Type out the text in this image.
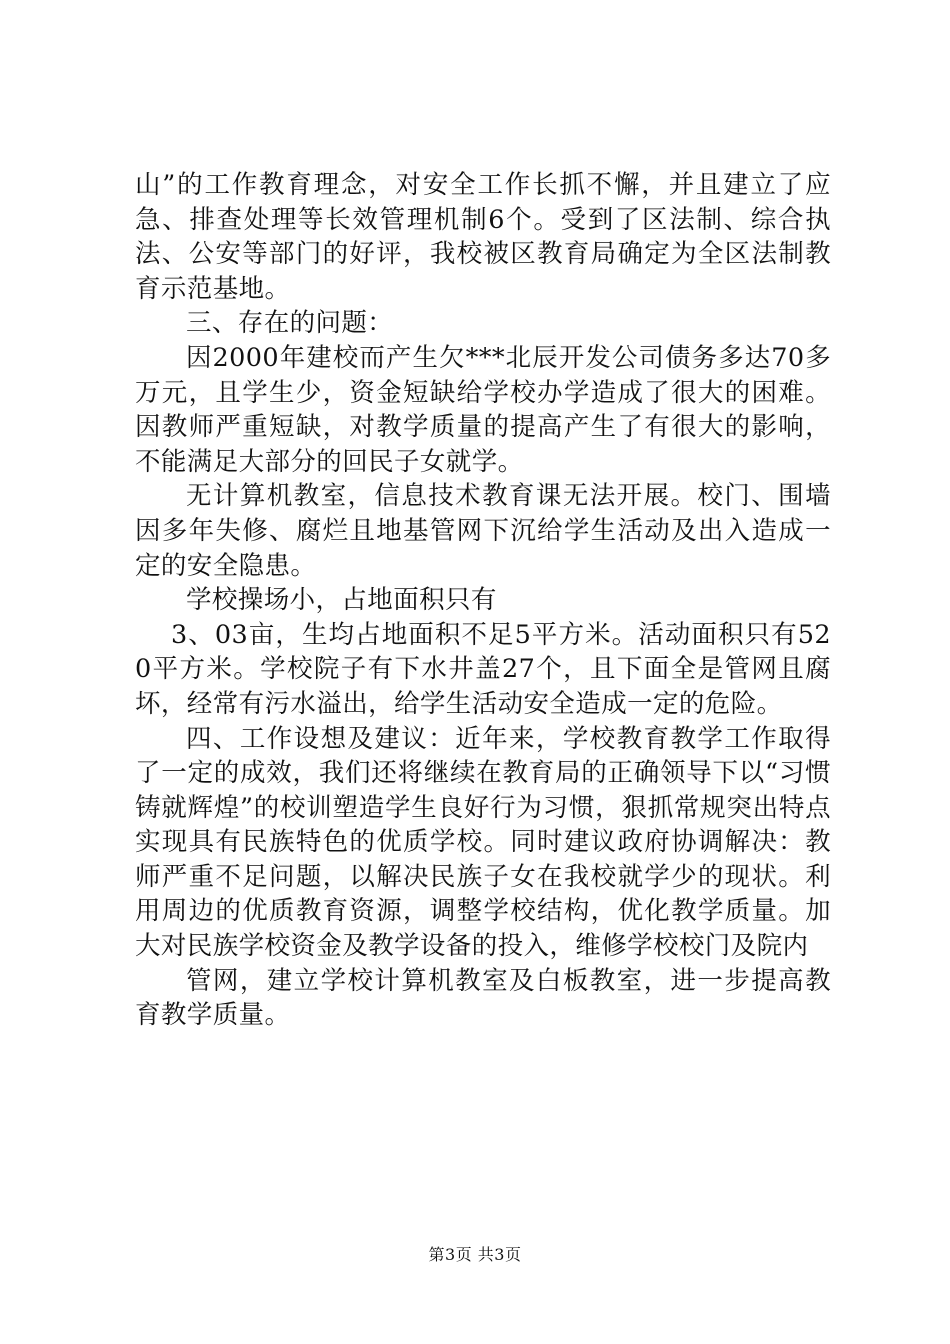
山”的工作教育理念，对安全工作长抓不懈，并且建立了应急、排查处理等长效管理机制6个。受到了区法制、综合执法、公安等部门的好评，我校被区教育局确定为全区法制教育示范基地。

三、存在的问题：

因2000年建校而产生欠***北辰开发公司债务多达70多万元，且学生少，资金短缺给学校办学造成了很大的困难。因教师严重短缺，对教学质量的提高产生了有很大的影响，不能满足大部分的回民子女就学。

无计算机教室，信息技术教育课无法开展。校门、围墙因多年失修、腐烂且地基管网下沉给学生活动及出入造成一定的安全隐患。

学校操场小，占地面积只有

3、03亩，生均占地面积不足5平方米。活动面积只有520平方米。学校院子有下水井盖27个，且下面全是管网且腐坏，经常有污水溢出，给学生活动安全造成一定的危险。

四、工作设想及建议：近年来，学校教育教学工作取得了一定的成效，我们还将继续在教育局的正确领导下以“习惯铸就辉煌”的校训塑造学生良好行为习惯，狠抓常规突出特点实现具有民族特色的优质学校。同时建议政府协调解决：教师严重不足问题，以解决民族子女在我校就学少的现状。利用周边的优质教育资源，调整学校结构，优化教学质量。加大对民族学校资金及教学设备的投入，维修学校校门及院内

管网，建立学校计算机教室及白板教室，进一步提高教育教学质量。

第3页 共3页
